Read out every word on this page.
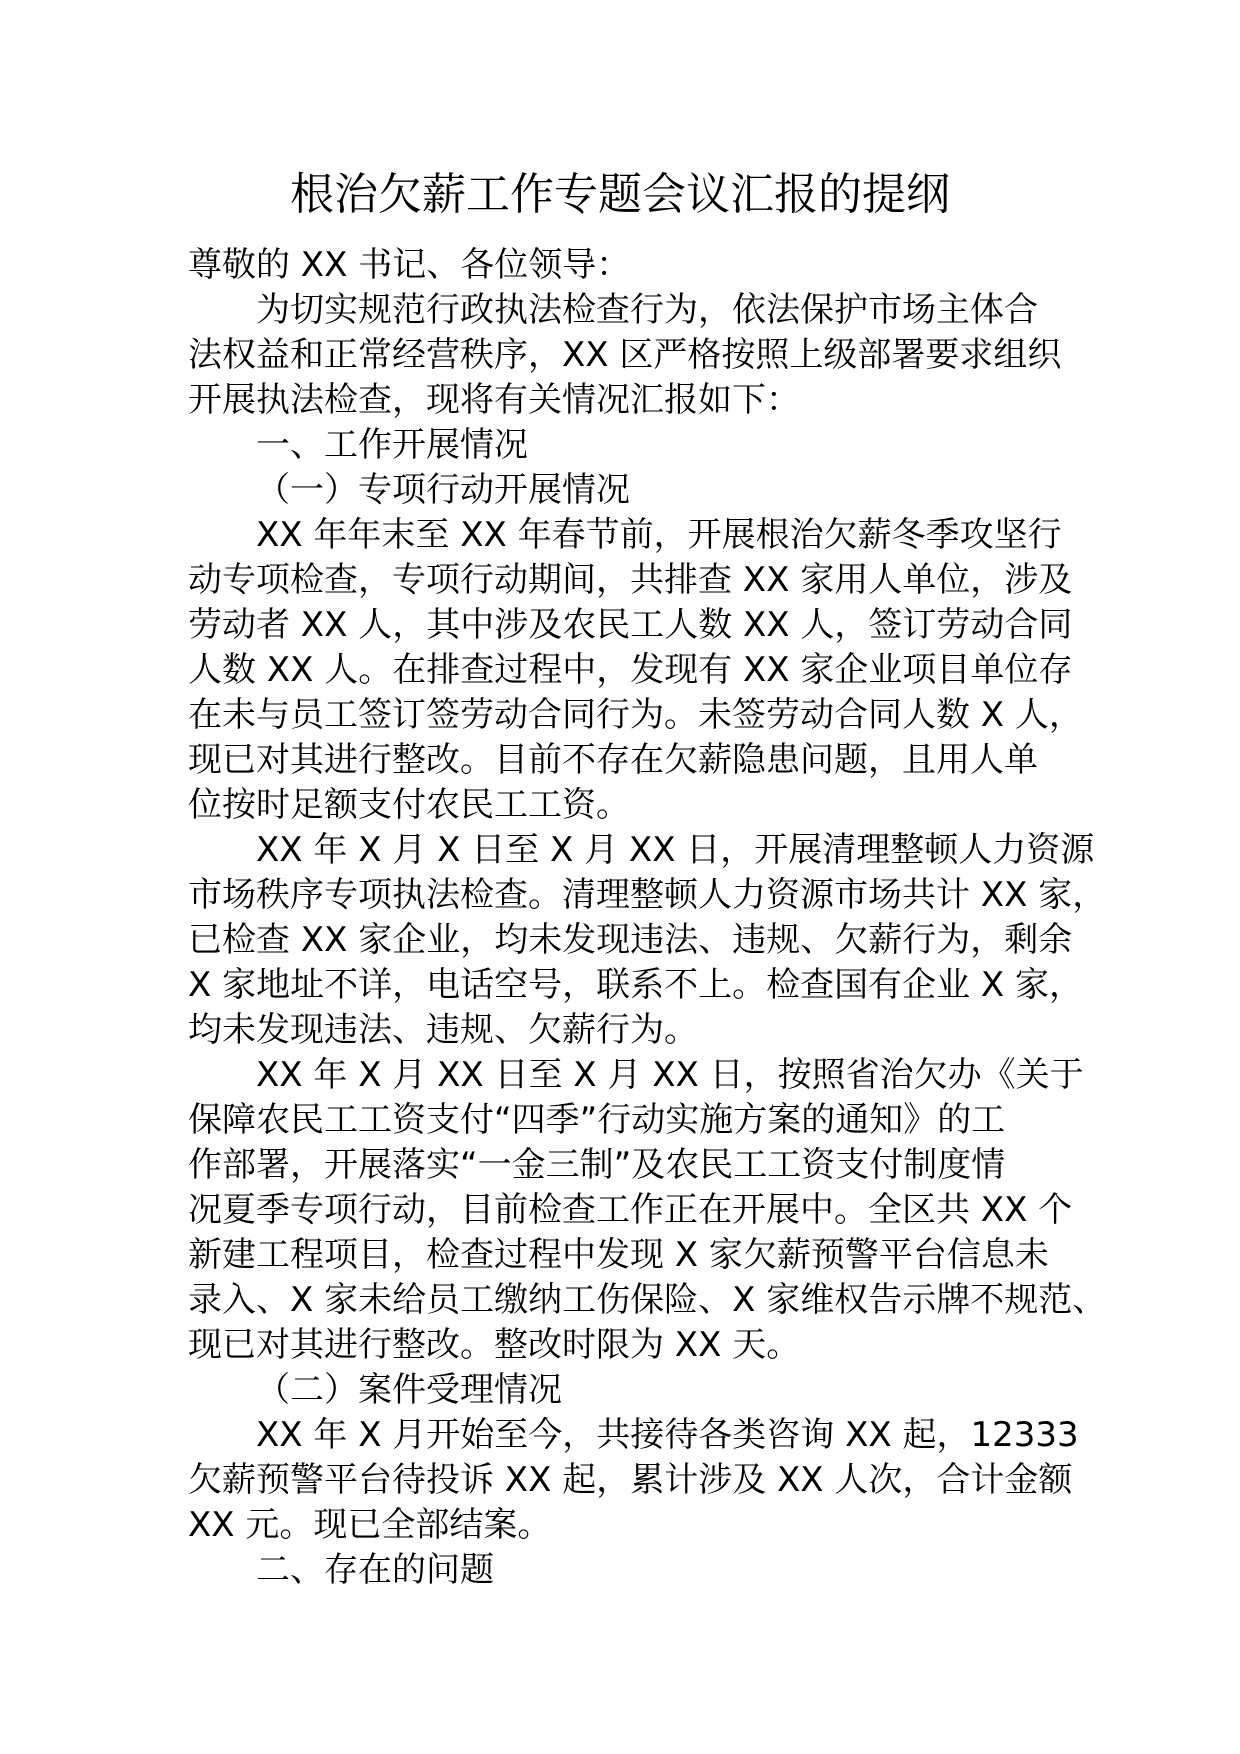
根治欠薪工作专题会议汇报的提纲

尊敬的 XX 书记、各位领导：

为切实规范行政执法检查行为，依法保护市场主体合

法权益和正常经营秩序，XX 区严格按照上级部署要求组织

开展执法检查，现将有关情况汇报如下：

一、工作开展情况

（一）专项行动开展情况

XX 年年末至 XX 年春节前，开展根治欠薪冬季攻坚行

动专项检查，专项行动期间，共排查 XX 家用人单位，涉及

劳动者 XX 人，其中涉及农民工人数 XX 人，签订劳动合同

人数 XX 人。在排查过程中，发现有 XX 家企业项目单位存

在未与员工签订签劳动合同行为。未签劳动合同人数 X 人，

现已对其进行整改。目前不存在欠薪隐患问题，且用人单

位按时足额支付农民工工资。

XX 年 X 月 X 日至 X 月 XX 日，开展清理整顿人力资源

市场秩序专项执法检查。清理整顿人力资源市场共计 XX 家，

已检查 XX 家企业，均未发现违法、违规、欠薪行为，剩余

X 家地址不详，电话空号，联系不上。检查国有企业 X 家，

均未发现违法、违规、欠薪行为。

XX 年 X 月 XX 日至 X 月 XX 日，按照省治欠办《关于

保障农民工工资支付“四季”行动实施方案的通知》的工

作部署，开展落实“一金三制”及农民工工资支付制度情

况夏季专项行动，目前检查工作正在开展中。全区共 XX 个

新建工程项目，检查过程中发现 X 家欠薪预警平台信息未

录入、X 家未给员工缴纳工伤保险、X 家维权告示牌不规范、

现已对其进行整改。整改时限为 XX 天。

（二）案件受理情况

XX 年 X 月开始至今，共接待各类咨询 XX 起，12333

欠薪预警平台待投诉 XX 起，累计涉及 XX 人次，合计金额

XX 元。现已全部结案。

二、存在的问题
